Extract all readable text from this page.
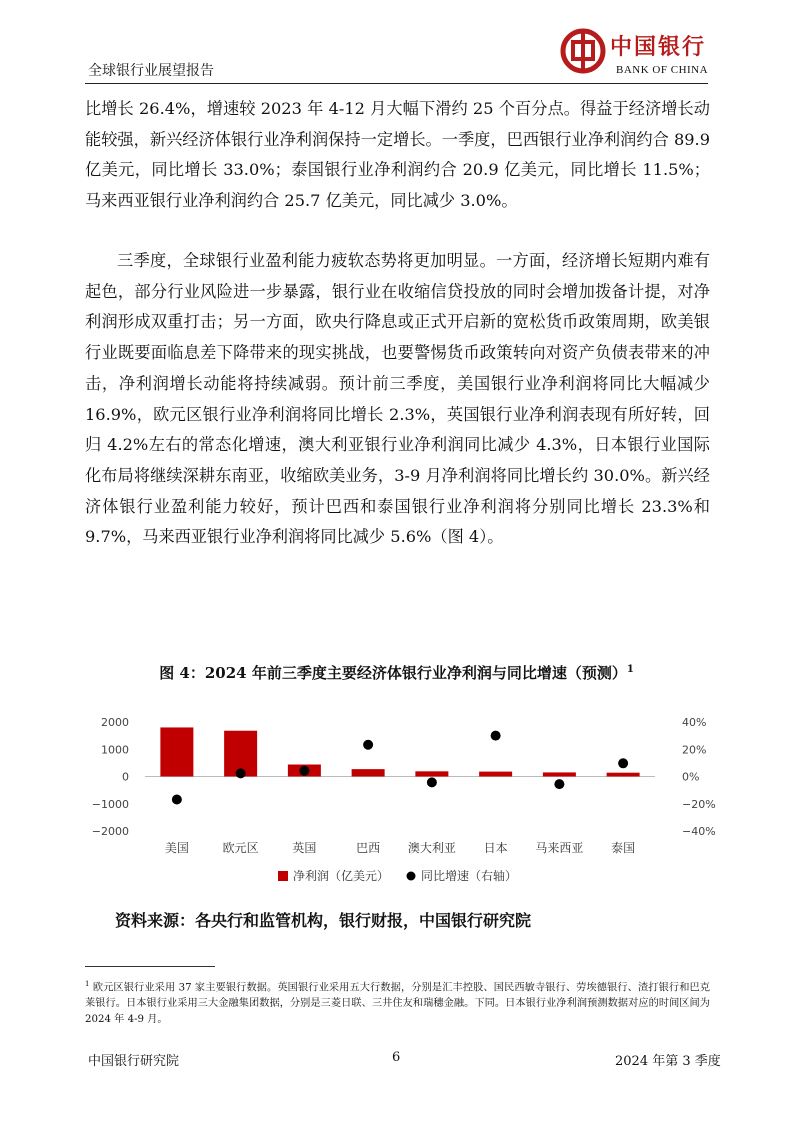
全球银行业展望报告
中国银行
BANK OF CHINA

比增长 26.4%，增速较 2023 年 4-12 月大幅下滑约 25 个百分点。得益于经济增长动能较强，新兴经济体银行业净利润保持一定增长。一季度，巴西银行业净利润约合 89.9 亿美元，同比增长 33.0%；泰国银行业净利润约合 20.9 亿美元，同比增长 11.5%；马来西亚银行业净利润约合 25.7 亿美元，同比减少 3.0%。

三季度，全球银行业盈利能力疲软态势将更加明显。一方面，经济增长短期内难有起色，部分行业风险进一步暴露，银行业在收缩信贷投放的同时会增加拨备计提，对净利润形成双重打击；另一方面，欧央行降息或正式开启新的宽松货币政策周期，欧美银行业既要面临息差下降带来的现实挑战，也要警惕货币政策转向对资产负债表带来的冲击，净利润增长动能将持续减弱。预计前三季度，美国银行业净利润将同比大幅减少 16.9%，欧元区银行业净利润将同比增长 2.3%，英国银行业净利润表现有所好转，回归 4.2%左右的常态化增速，澳大利亚银行业净利润同比减少 4.3%，日本银行业国际化布局将继续深耕东南亚，收缩欧美业务，3-9 月净利润将同比增长约 30.0%。新兴经济体银行业盈利能力较好，预计巴西和泰国银行业净利润将分别同比增长 23.3%和 9.7%，马来西亚银行业净利润将同比减少 5.6%（图 4）。

图 4：2024 年前三季度主要经济体银行业净利润与同比增速（预测）$^1$
2000
1000
0
−1000
−2000
40%
20%
0%
−20%
−40%
美国	欧元区	英国	巴西 澳大利亚 日本 马来西亚 泰国
净利润（亿美元）	同比增速（右轴）
资料来源：各央行和监管机构，银行财报，中国银行研究院
$^1$ 欧元区银行业采用 37 家主要银行数据。英国银行业采用五大行数据，分别是汇丰控股、国民西敏寺银行、劳埃德银行、渣打银行和巴克莱银行。日本银行业采用三大金融集团数据，分别是三菱日联、三井住友和瑞穗金融。下同。日本银行业净利润预测数据对应的时间区间为 2024 年 4-9 月。
中国银行研究院	6	2024 年第 3 季度
